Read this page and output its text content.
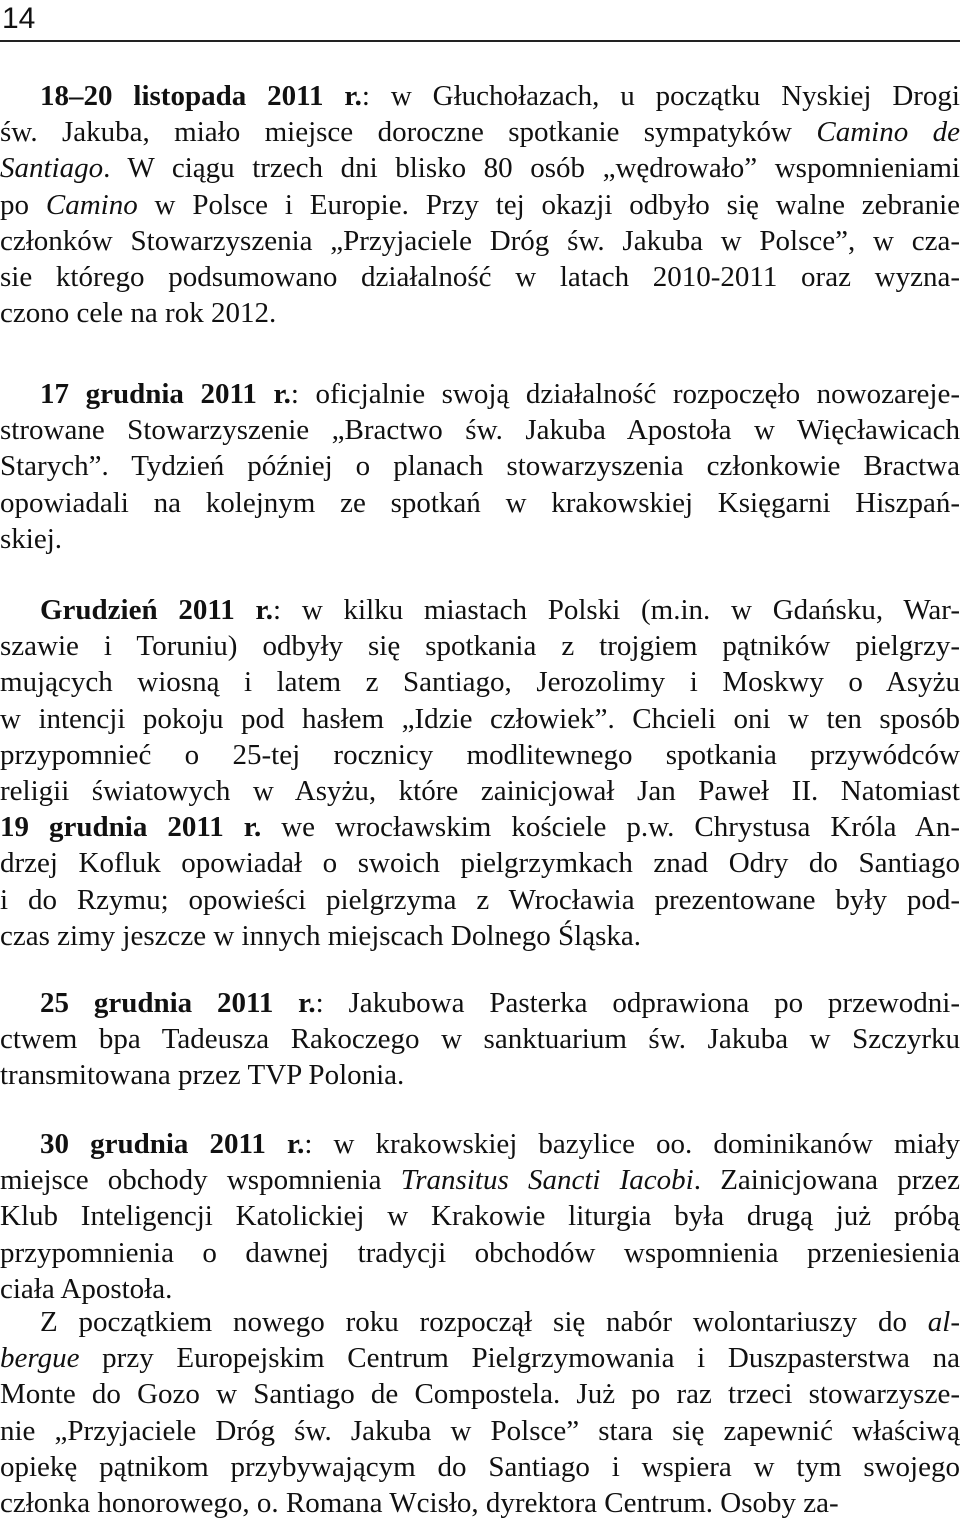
14
18–20 listopada 2011 r.: w Głuchołazach, u początku Nyskiej Drogi
św. Jakuba, miało miejsce doroczne spotkanie sympatyków Camino de
Santiago. W ciągu trzech dni blisko 80 osób „wędrowało” wspomnieniami
po Camino w Polsce i Europie. Przy tej okazji odbyło się walne zebranie
członków Stowarzyszenia „Przyjaciele Dróg św. Jakuba w Polsce”, w cza-
sie którego podsumowano działalność w latach 2010-2011 oraz wyzna-
czono cele na rok 2012.
17 grudnia 2011 r.: oficjalnie swoją działalność rozpoczęło nowozareje-
strowane Stowarzyszenie „Bractwo św. Jakuba Apostoła w Więcławicach
Starych”. Tydzień później o planach stowarzyszenia członkowie Bractwa
opowiadali na kolejnym ze spotkań w krakowskiej Księgarni Hiszpań-
skiej.
Grudzień 2011 r.: w kilku miastach Polski (m.in. w Gdańsku, War-
szawie i Toruniu) odbyły się spotkania z trojgiem pątników pielgrzy-
mujących wiosną i latem z Santiago, Jerozolimy i Moskwy o Asyżu
w intencji pokoju pod hasłem „Idzie człowiek”. Chcieli oni w ten sposób
przypomnieć o 25-tej rocznicy modlitewnego spotkania przywódców
religii światowych w Asyżu, które zainicjował Jan Paweł II. Natomiast
19 grudnia 2011 r. we wrocławskim kościele p.w. Chrystusa Króla An-
drzej Kofluk opowiadał o swoich pielgrzymkach znad Odry do Santiago
i do Rzymu; opowieści pielgrzyma z Wrocławia prezentowane były pod-
czas zimy jeszcze w innych miejscach Dolnego Śląska.
25 grudnia 2011 r.: Jakubowa Pasterka odprawiona po przewodni-
ctwem bpa Tadeusza Rakoczego w sanktuarium św. Jakuba w Szczyrku
transmitowana przez TVP Polonia.
30 grudnia 2011 r.: w krakowskiej bazylice oo. dominikanów miały
miejsce obchody wspomnienia Transitus Sancti Iacobi. Zainicjowana przez
Klub Inteligencji Katolickiej w Krakowie liturgia była drugą już próbą
przypomnienia o dawnej tradycji obchodów wspomnienia przeniesienia
ciała Apostoła.
Z początkiem nowego roku rozpoczął się nabór wolontariuszy do al-
bergue przy Europejskim Centrum Pielgrzymowania i Duszpasterstwa na
Monte do Gozo w Santiago de Compostela. Już po raz trzeci stowarzysze-
nie „Przyjaciele Dróg św. Jakuba w Polsce” stara się zapewnić właściwą
opiekę pątnikom przybywającym do Santiago i wspiera w tym swojego
członka honorowego, o. Romana Wcisło, dyrektora Centrum. Osoby za-
